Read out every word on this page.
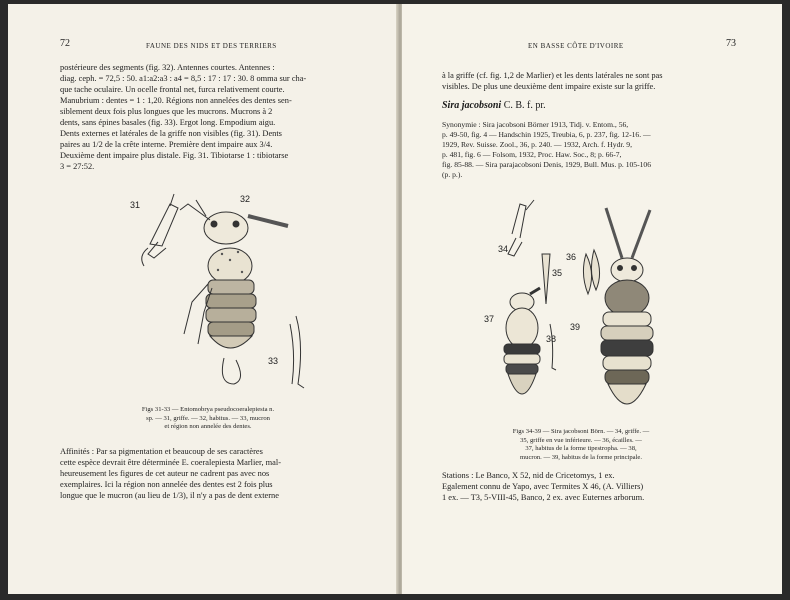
72	FAUNE DES NIDS ET DES TERRIERS

postérieure des segments (fig. 32). Antennes courtes. Antennes :

diag. ceph. = 72,5 : 50. a1:a2:a3 : a4 = 8,5 : 17 : 17 : 30. 8 omma sur cha-

que tache oculaire. Un ocelle frontal net, furca relativement courte.

Manubrium : dentes = 1 : 1,20. Régions non annelées des dentes sen-

siblement deux fois plus longues que les mucrons. Mucrons à 2

dents, sans épines basales (fig. 33). Ergot long. Empodium aigu.

Dents externes et latérales de la griffe non visibles (fig. 31). Dents

paires au 1/2 de la crête interne. Première dent impaire aux 3/4.

Deuxième dent impaire plus distale. Fig. 31. Tibiotarse 1 : tibiotarse

3 = 27:52.

31
32
33
Figs 31-33 — Entomobrya pseudocoeralepiesta n.
sp. — 31, griffe. — 32, habitus. — 33, mucron
et région non annelée des dentes.

Affinités : Par sa pigmentation et beaucoup de ses caractères

cette espèce devrait être déterminée E. coeralepiesta Marlier, mal-

heureusement les figures de cet auteur ne cadrent pas avec nos

exemplaires. Ici la région non annelée des dentes est 2 fois plus

longue que le mucron (au lieu de 1/3), il n'y a pas de dent externe

EN BASSE CÔTE D'IVOIRE	73

à la griffe (cf. fig. 1,2 de Marlier) et les dents latérales ne sont pas

visibles. De plus une deuxième dent impaire existe sur la griffe.

Sira jacobsoni C. B. f. pr.

Synonymie : Sira jacobsoni Börner 1913, Tidj. v. Entom., 56,

p. 49-50, fig. 4 — Handschin 1925, Treubia, 6, p. 237, fig. 12-16. —

1929, Rev. Suisse. Zool., 36, p. 240. — 1932, Arch. f. Hydr. 9,

p. 481, fig. 6 — Folsom, 1932, Proc. Haw. Soc., 8; p. 66-7,

fig. 85-88. — Sira parajacobsoni Denis, 1929, Bull. Mus. p. 105-106

(p. p.).

34
35
36
37
38
39
Figs 34-39 — Sira jacobsoni Börn. — 34, griffe. —
35, griffe en vue inférieure. — 36, écailles. —
37, habitus de la forme tipestropha. — 38,
mucron. — 39, habitus de la forme principale.

Stations : Le Banco, X 52, nid de Cricetomys, 1 ex.

Egalement connu de Yapo, avec Termites X 46, (A. Villiers)

1 ex. — T3, 5-VIII-45, Banco, 2 ex. avec Euternes arborum.
